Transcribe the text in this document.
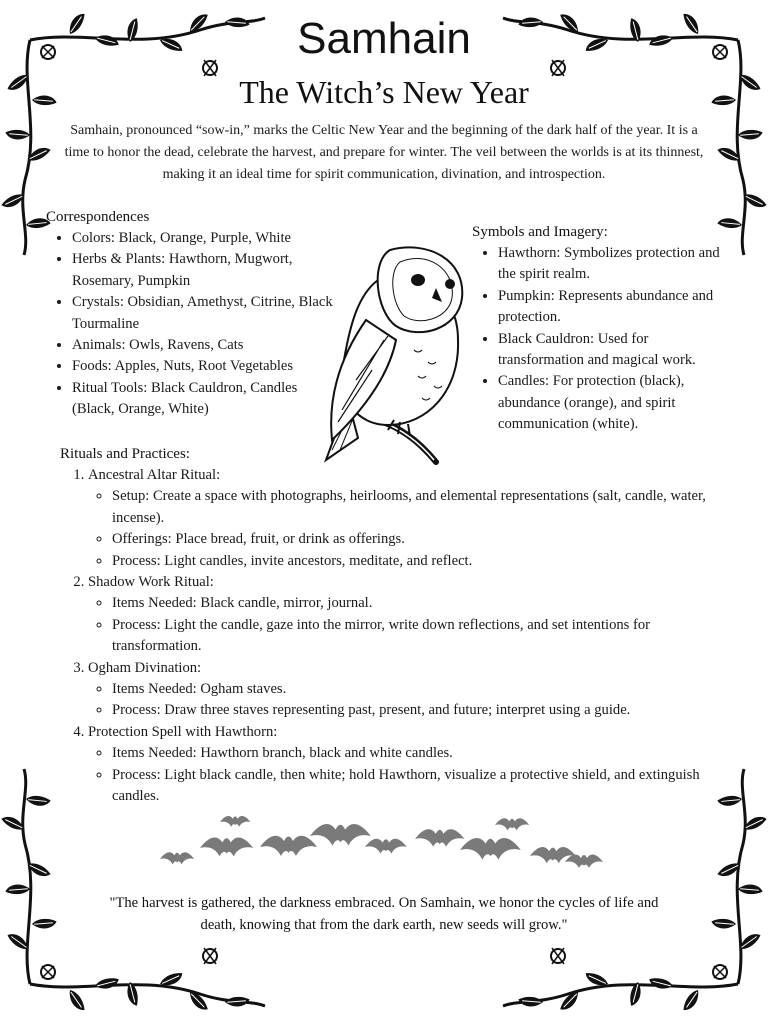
Samhain
The Witch’s New Year
Samhain, pronounced “sow-in,” marks the Celtic New Year and the beginning of the dark half of the year. It is a time to honor the dead, celebrate the harvest, and prepare for winter. The veil between the worlds is at its thinnest, making it an ideal time for spirit communication, divination, and introspection.
Correspondences
• Colors: Black, Orange, Purple, White
• Herbs & Plants: Hawthorn, Mugwort, Rosemary, Pumpkin
• Crystals: Obsidian, Amethyst, Citrine, Black Tourmaline
• Animals: Owls, Ravens, Cats
• Foods: Apples, Nuts, Root Vegetables
• Ritual Tools: Black Cauldron, Candles (Black, Orange, White)
Symbols and Imagery:
• Hawthorn: Symbolizes protection and the spirit realm.
• Pumpkin: Represents abundance and protection.
• Black Cauldron: Used for transformation and magical work.
• Candles: For protection (black), abundance (orange), and spirit communication (white).
Rituals and Practices:
1. Ancestral Altar Ritual:
◦ Setup: Create a space with photographs, heirlooms, and elemental representations (salt, candle, water, incense).
◦ Offerings: Place bread, fruit, or drink as offerings.
◦ Process: Light candles, invite ancestors, meditate, and reflect.
2. Shadow Work Ritual:
◦ Items Needed: Black candle, mirror, journal.
◦ Process: Light the candle, gaze into the mirror, write down reflections, and set intentions for transformation.
3. Ogham Divination:
◦ Items Needed: Ogham staves.
◦ Process: Draw three staves representing past, present, and future; interpret using a guide.
4. Protection Spell with Hawthorn:
◦ Items Needed: Hawthorn branch, black and white candles.
◦ Process: Light black candle, then white; hold Hawthorn, visualize a protective shield, and extinguish candles.
"The harvest is gathered, the darkness embraced. On Samhain, we honor the cycles of life and death, knowing that from the dark earth, new seeds will grow."
